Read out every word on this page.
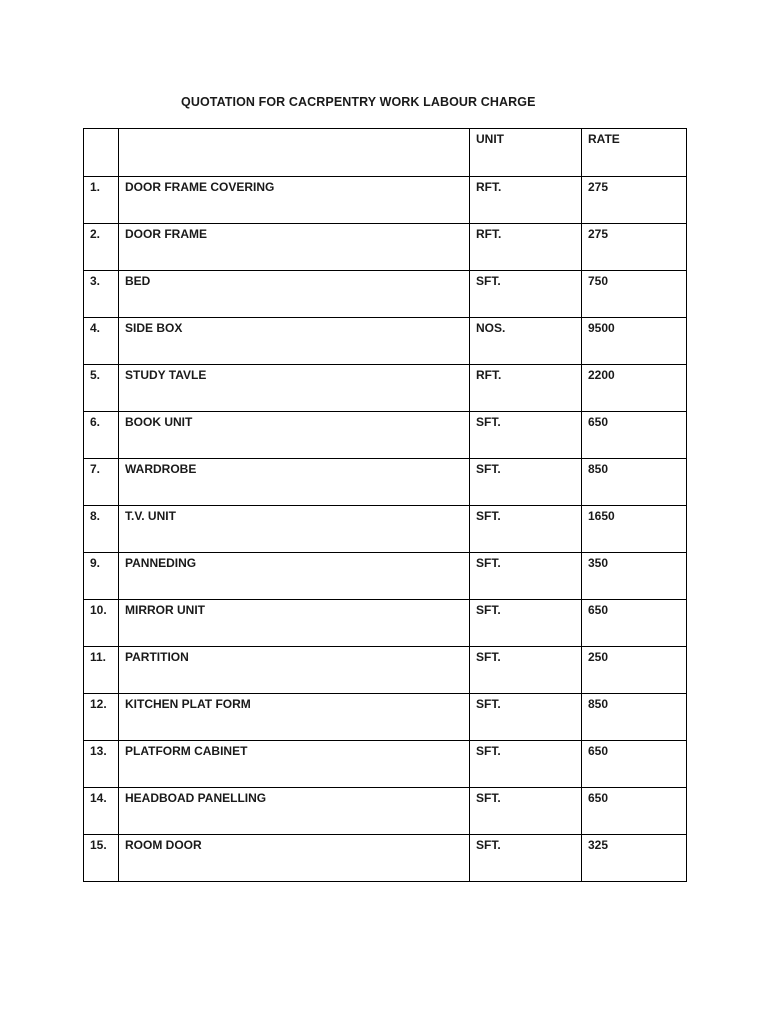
QUOTATION FOR CACRPENTRY WORK LABOUR CHARGE
		UNIT	RATE
1.	DOOR FRAME COVERING	RFT.	275
2.	DOOR FRAME	RFT.	275
3.	BED	SFT.	750
4.	SIDE BOX	NOS.	9500
5.	STUDY TAVLE	RFT.	2200
6.	BOOK UNIT	SFT.	650
7.	WARDROBE	SFT.	850
8.	T.V. UNIT	SFT.	1650
9.	PANNEDING	SFT.	350
10.	MIRROR UNIT	SFT.	650
11.	PARTITION	SFT.	250
12.	KITCHEN PLAT FORM	SFT.	850
13.	PLATFORM CABINET	SFT.	650
14.	HEADBOAD PANELLING	SFT.	650
15.	ROOM DOOR	SFT.	325
